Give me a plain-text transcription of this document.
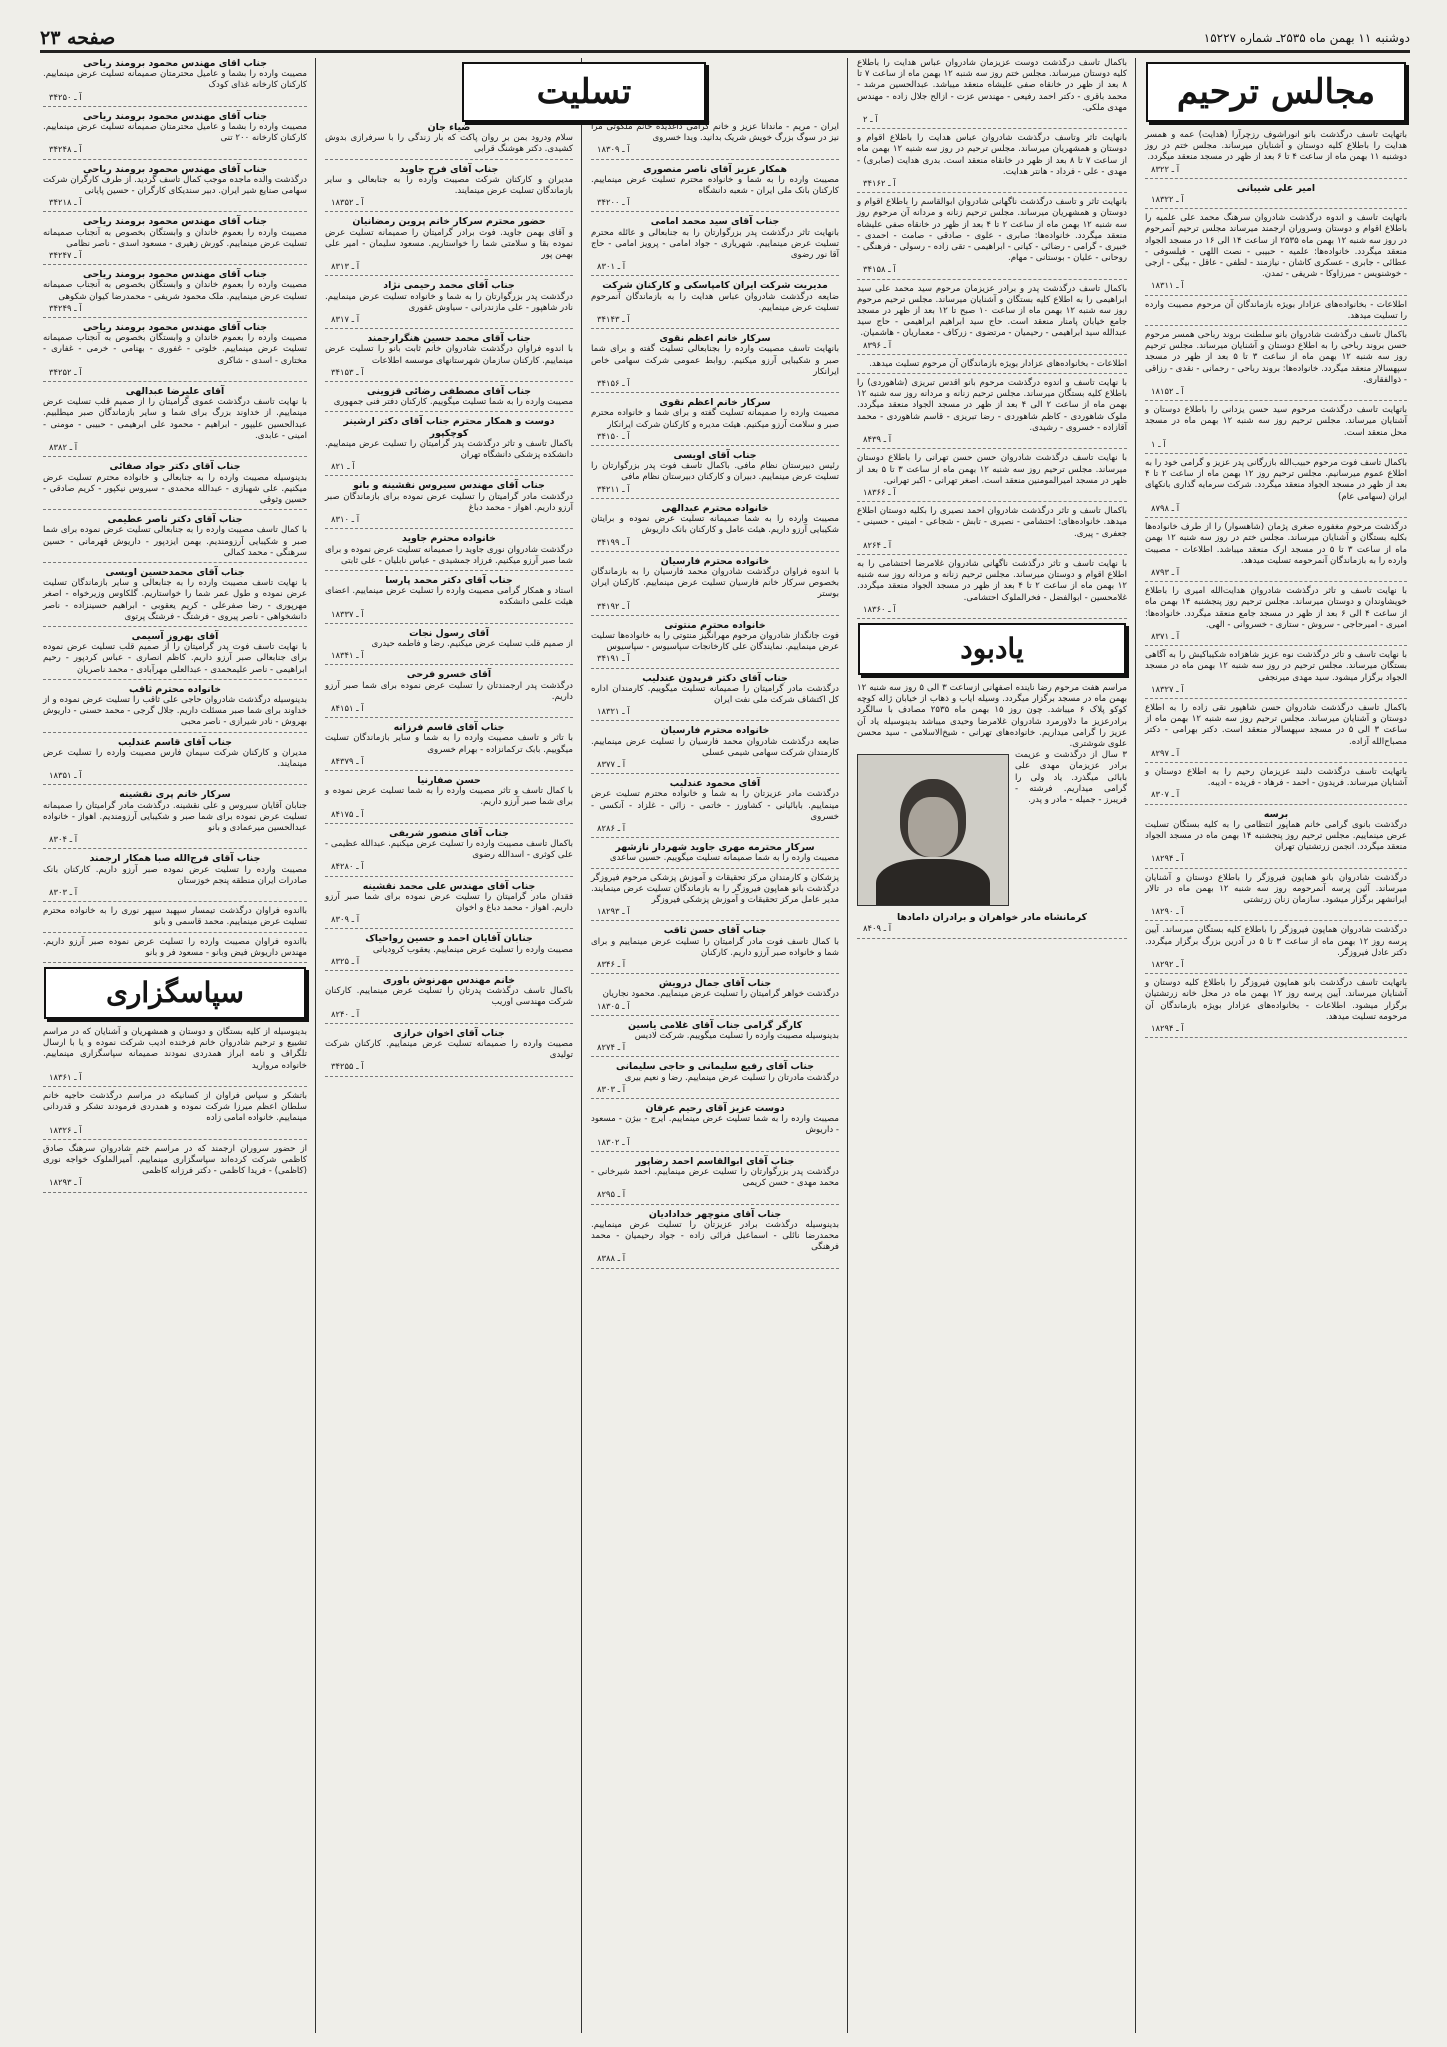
دوشنبه ۱۱ بهمن ماه ۲۵۳۵ـ شماره ۱۵۲۲۷
صفحه ۲۳
مجالس ترحیم
باتهایت تاسف درگذشت بانو انوراشوف رزچرآرا (هدایت) عمه و همسر هدایت را باطلاع کلیه دوستان و آشنایان میرساند. مجلس ختم در روز دوشنبه ۱۱ بهمن ماه از ساعت ۴ تا ۶ بعد از ظهر در مسجد منعقد میگردد.
آ ـ ۸۳۲۲
امیر علی شیبانی
آ ـ ۱۸۳۲۲
باتهایت تاسف و اندوه درگذشت شادروان سرهنگ محمد علی علمیه را باطلاع اقوام و دوستان وسروران ارجمند میرساند مجلس ترحیم آنمرحوم در روز سه شنبه ۱۲ بهمن ماه ۲۵۳۵ از ساعت ۱۴ الی ۱۶ در مسجد الجواد منعقد میگردد. خانواده‌ها: علمیه - حبیبی - نصت اللهی - فیلسوفی - عطائی - جابری - عسکری کاشان - نیازمند - لطفی - عاقل - بیگی - ارجی - خوشنویس - میرزاوکا - شریفی - تمدن.
آ ـ ۱۸۳۱۱
اطلاعات - بخانواده‌های عزادار بویژه بازماندگان آن مرحوم مصیبت وارده را تسلیت میدهد.
باکمال تاسف درگذشت شادروان بانو سلطنت بروند رباحی همسر مرحوم حسن بروند رباحی را به اطلاع دوستان و آشنایان میرساند. مجلس ترحیم روز سه شنبه ۱۲ بهمن ماه از ساعت ۳ تا ۵ بعد از ظهر در مسجد سپهسالار منعقد میگردد. خانواده‌ها: بروند رباحی - رحمانی - نقدی - رزاقی - ذوالفقاری.
آ ـ ۱۸۱۵۲
باتهایت تاسف درگذشت مرحوم سید حسن یزدانی را باطلاع دوستان و آشنایان میرساند. مجلس ترحیم روز سه شنبه ۱۲ بهمن ماه در مسجد محل منعقد است.
آ ـ ۱
باکمال تاسف فوت مرحوم حبیب‌الله بازرگانی پدر عزیز و گرامی خود را به اطلاع عموم میرسانیم. مجلس ترحیم روز ۱۲ بهمن ماه از ساعت ۲ تا ۴ بعد از ظهر در مسجد الجواد منعقد میگردد. شرکت سرمایه گذاری بانکهای ایران (سهامی عام)
آ ـ ۸۷۹۸
درگذشت مرحوم مغفوره صغری پژمان (شاهسوار) را از طرف خانواده‌ها بکلیه بستگان و آشنایان میرساند. مجلس ختم در روز سه شنبه ۱۲ بهمن ماه از ساعت ۳ تا ۵ در مسجد ارک منعقد میباشد. اطلاعات - مصیبت وارده را به بازماندگان آنمرحومه تسلیت میدهد.
آ ـ ۸۷۹۳
با نهایت تاسف و تاثر درگذشت شادروان هدایت‌الله امیری را باطلاع خویشاوندان و دوستان میرساند. مجلس ترحیم روز پنجشنبه ۱۴ بهمن ماه از ساعت ۴ الی ۶ بعد از ظهر در مسجد جامع منعقد میگردد. خانواده‌ها: امیری - امیرحاجی - سروش - ستاری - خسروانی - الهی.
آ ـ ۸۳۷۱
با نهایت تاسف و تاثر درگذشت نوه عزیز شاهزاده شکیباکیش را به آگاهی بستگان میرساند. مجلس ترحیم در روز سه شنبه ۱۲ بهمن ماه در مسجد الجواد برگزار میشود. سید مهدی میرنجفی
آ ـ ۱۸۳۲۷
باکمال تاسف درگذشت شادروان حسن شاهپور نقی زاده را به اطلاع دوستان و آشنایان میرساند. مجلس ترحیم روز سه شنبه ۱۲ بهمن ماه از ساعت ۳ الی ۵ در مسجد سپهسالار منعقد است. دکتر بهرامی - دکتر مصباح‌الله آزاده.
آ ـ ۸۲۹۷
باتهایت تاسف درگذشت دلبند عزیزمان رحیم را به اطلاع دوستان و آشنایان میرساند. فریدون - احمد - فرهاد - فریده - ادیبه.
آ ـ ۸۳۰۷
برسه
درگذشت بانوی گرامی خانم هماپور انتظامی را به کلیه بستگان تسلیت عرض مینماییم. مجلس ترحیم روز پنجشنبه ۱۴ بهمن ماه در مسجد الجواد منعقد میگردد. انجمن زرتشتیان تهران
آ ـ ۱۸۲۹۴
درگذشت شادروان بانو هماپون فیروزگر را باطلاع دوستان و آشنایان میرساند. آئین پرسه آنمرحومه روز سه شنبه ۱۲ بهمن ماه در تالار ایرانشهر برگزار میشود. سازمان زنان زرتشتی
آ ـ ۱۸۲۹۰
درگذشت شادروان هماپون فیروزگر را باطلاع کلیه بستگان میرساند. آیین پرسه روز ۱۲ بهمن ماه از ساعت ۳ تا ۵ در آدرین بزرگ برگزار میگردد. دکتر عادل فیروزگر.
آ ـ ۱۸۲۹۲
باتهایت تاسف درگذشت بانو هماپون فیروزگر را باطلاع کلیه دوستان و آشنایان میرساند. آیین پرسه روز ۱۲ بهمن ماه در محل خانه زرتشتیان برگزار میشود. اطلاعات - بخانواده‌های عزادار بویژه بازماندگان آن مرحومه تسلیت میدهد.
آ ـ ۱۸۲۹۴
باکمال تاسف درگذشت دوست عزیزمان شادروان عباس هدایت را باطلاع کلیه دوستان میرساند. مجلس ختم روز سه شنبه ۱۲ بهمن ماه از ساعت ۷ تا ۸ بعد از ظهر در خانقاه صفی علیشاه منعقد میباشد. عبدالحسین مرشد - محمد باقری - دکتر احمد رفیعی - مهندس عزت - ازالح جلال زاده - مهندس مهدی ملکی.
آ ـ ۲
بانهایت تاثر وتاسف درگذشت شادروان عباس هدایت را باطلاع اقوام و دوستان و همشهریان میرساند. مجلس ترحیم در روز سه شنبه ۱۲ بهمن ماه از ساعت ۷ تا ۸ بعد از ظهر در خانقاه منعقد است. بدری هدایت (صابری) - مهدی - علی - فرداد - هانتر هدایت.
آ ـ ۳۴۱۶۲
بانهایت تاثر و تاسف درگذشت ناگهانی شادروان ابوالقاسم را باطلاع اقوام و دوستان و همشهریان میرساند. مجلس ترحیم زنانه و مردانه آن مرحوم روز سه شنبه ۱۲ بهمن ماه از ساعت ۲ تا ۴ بعد از ظهر در خانقاه صفی علیشاه منعقد میگردد. خانواده‌ها: صابری - علوی - صادقی - صامت - احمدی - خبیری - گرامی - رضائی - کیانی - ابراهیمی - تقی زاده - رسولی - فرهنگی - روحانی - علیان - بوستانی - مهام.
آ ـ ۳۴۱۵۸
باکمال تاسف درگذشت پدر و برادر عزیزمان مرحوم سید محمد علی سید ابراهیمی را به اطلاع کلیه بستگان و آشنایان میرساند. مجلس ترحیم مرحوم روز سه شنبه ۱۲ بهمن ماه از ساعت ۱۰ صبح تا ۱۲ بعد از ظهر در مسجد جامع خیابان پامنار منعقد است. حاج سید ابراهیم ابراهیمی - حاج سید عبدالله سید ابراهیمی - رحیمیان - مرتضوی - زرکاف - معماریان - هاشمیان.
آ ـ ۸۳۹۶
اطلاعات - بخانواده‌های عزادار بویژه بازماندگان آن مرحوم تسلیت میدهد.
با نهایت تاسف و اندوه درگذشت مرحوم بانو اقدس تبریزی (شاهوردی) را باطلاع کلیه بستگان میرساند. مجلس ترحیم زنانه و مردانه روز سه شنبه ۱۲ بهمن ماه از ساعت ۲ الی ۴ بعد از ظهر در مسجد الجواد منعقد میگردد. ملوک شاهوردی - کاظم شاهوردی - رضا تبریزی - قاسم شاهوردی - محمد آقازاده - خسروی - رشیدی.
آ ـ ۸۴۳۹
با نهایت تاسف درگذشت شادروان حسن حسن تهرانی را باطلاع دوستان میرساند. مجلس ترحیم روز سه شنبه ۱۲ بهمن ماه از ساعت ۳ تا ۵ بعد از ظهر در مسجد امیرالمومنین منعقد است. اصغر تهرانی - اکبر تهرانی.
آ ـ ۱۸۳۶۶
باکمال تاسف و تاثر درگذشت شادروان احمد نصیری را بکلیه دوستان اطلاع میدهد. خانواده‌های: احتشامی - نصیری - تابش - شجاعی - امینی - حسینی - جعفری - پیری.
آ ـ ۸۲۶۴
با نهایت تاسف و تاثر درگذشت ناگهانی شادروان غلامرضا احتشامی را به اطلاع اقوام و دوستان میرساند. مجلس ترحیم زنانه و مردانه روز سه شنبه ۱۲ بهمن ماه از ساعت ۲ تا ۴ بعد از ظهر در مسجد الجواد منعقد میگردد. غلامحسین - ابوالفضل - فخرالملوک احتشامی.
آ ـ ۱۸۳۶۰
یادبود
مراسم هفت مرحوم رضا ناینده اصفهانی ازساعت ۳ الی ۵ روز سه شنبه ۱۲ بهمن ماه در مسجد برگزار میگردد. وسیله ایاب و ذهاب از خیابان ژاله کوچه کوکو پلاک ۶ میباشد. چون روز ۱۵ بهمن ماه ۲۵۳۵ مصادف با سالگرد برادرعزیز ما دلاورمرد شادروان غلامرضا وحیدی میباشد بدینوسیله یاد آن عزیز را گرامی میداریم. خانواده‌های تهرانی - شیخ‌الاسلامی - سید محسن علوی شوشتری.
۳ سال از درگذشت و عزیمت برادر عزیزمان مهدی علی بابائی میگذرد. یاد ولی را گرامی میداریم. فرشته - فریبرز - جمیله - مادر و پدر.
کرمانشاه مادر خواهران و برادران دامادها
آ ـ ۸۴۰۹
ایران - مریم - ماندانا عزیز و خانم گرامی داغدیده خانم ملکوتی مرا نیز در سوگ بزرگ خویش شریک بدانید. ویدا خسروی
آ ـ ۱۸۳۰۹
همکار عزیز آقای ناصر منصوری
مصیبت وارده را به شما و خانواده محترم تسلیت عرض مینماییم. کارکنان بانک ملی ایران - شعبه دانشگاه
آ ـ ۳۴۲۰۰
جناب آقای سید محمد امامی
بانهایت تاثر درگذشت پدر بزرگوارتان را به جنابعالی و عائله محترم تسلیت عرض مینماییم. شهریاری - جواد امامی - پرویز امامی - حاج آقا نور رضوی
آ ـ ۸۳۰۱
مدیریت شرکت ایران کامپاسکی و کارکنان شرکت
ضایعه درگذشت شادروان عباس هدایت را به بازماندگان آنمرحوم تسلیت عرض مینماییم.
آ ـ ۳۴۱۴۳
سرکار خانم اعظم نقوی
بانهایت تاسف مصیبت وارده را بجنابعالی تسلیت گفته و برای شما صبر و شکیبایی آرزو میکنیم. روابط عمومی شرکت سهامی خاص ایرانکار
آ ـ ۳۴۱۵۶
سرکار خانم اعظم نقوی
مصیبت وارده را صمیمانه تسلیت گفته و برای شما و خانواده محترم صبر و سلامت آرزو میکنیم. هیئت مدیره و کارکنان شرکت ایرانکار
آ ـ ۳۴۱۵۰
جناب آقای اویسی
رئیس دبیرستان نظام مافی. باکمال تاسف فوت پدر بزرگوارتان را تسلیت عرض مینماییم. دبیران و کارکنان دبیرستان نظام مافی
آ ـ ۳۴۲۱۱
خانواده محترم عبدالهی
مصیبت وارده را به شما صمیمانه تسلیت عرض نموده و برایتان شکیبایی آرزو داریم. هیئت عامل و کارکنان بانک داریوش
آ ـ ۳۴۱۹۹
خانواده محترم فارسیان
با اندوه فراوان درگذشت شادروان محمد فارسیان را به بازماندگان بخصوص سرکار خانم فارسیان تسلیت عرض مینماییم. کارکنان ایران بوستر
آ ـ ۳۴۱۹۲
خانواده محترم منتوتی
فوت جانگداز شادروان مرحوم مهرانگیز منتوتی را به خانواده‌ها تسلیت عرض مینماییم. نمایندگان علی کارخانجات سپاسیوس - سپاسیوس
آ ـ ۳۴۱۹۱
جناب آقای دکتر فریدون عندلیب
درگذشت مادر گرامیتان را صمیمانه تسلیت میگوییم. کارمندان اداره کل اکتشاف شرکت ملی نفت ایران
آ ـ ۱۸۳۲۱
خانواده محترم فارسیان
ضایعه درگذشت شادروان محمد فارسیان را تسلیت عرض مینماییم. کارمندان شرکت سهامی شیمی عسلی
آ ـ ۸۳۷۷
آقای محمود عندلیب
درگذشت مادر عزیزتان را به شما و خانواده محترم تسلیت عرض مینماییم. بابائیانی - کشاورز - خاتمی - زائی - غلزاد - آنکسی - خسروی
آ ـ ۸۲۸۶
سرکار محترمه مهری جاوید شهردار نازشهر
مصیبت وارده را به شما صمیمانه تسلیت میگوییم. حسین ساعدی
پزشکان و کارمندان مرکز تحقیقات و آموزش پزشکی مرحوم فیروزگر درگذشت بانو هماپون فیروزگر را به بازماندگان تسلیت عرض مینمایند. مدیر عامل مرکز تحقیقات و آموزش پزشکی فیروزگر
آ ـ ۱۸۲۹۳
جناب آقای حسن ثاقب
با کمال تاسف فوت مادر گرامیتان را تسلیت عرض مینماییم و برای شما و خانواده صبر آرزو داریم. کارکنان
آ ـ ۸۳۴۶
جناب آقای جمال درویش
درگذشت خواهر گرامیتان را تسلیت عرض مینماییم. محمود نجاریان
آ ـ ۱۸۳۰۵
کارگر گرامی جناب آقای غلامی یاسین
بدینوسیله مصیبت وارده را تسلیت میگوییم. شرکت لادیس
آ ـ ۸۲۷۴
جناب آقای رفیع سلیمانی و حاجی سلیمانی
درگذشت مادرتان را تسلیت عرض مینماییم. رضا و نعیم بیری
آ ـ ۸۳۰۳
دوست عزیز آقای رحیم عرفان
مصیبت وارده را به شما تسلیت عرض مینماییم. ایرج - بیژن - مسعود - داریوش
آ ـ ۱۸۳۰۲
جناب آقای ابوالقاسم احمد رضاپور
درگذشت پدر بزرگوارتان را تسلیت عرض مینماییم. احمد شیرخانی - محمد مهدی - حسن کریمی
آ ـ ۸۲۹۵
جناب آقای منوچهر خداداديان
بدینوسیله درگذشت برادر عزیزتان را تسلیت عرض مینماییم. محمدرضا نائلی - اسماعیل فرائی زاده - جواد رحیمیان - محمد فرهنگی
آ ـ ۸۳۸۸
ضیاء جان
سلام ودرود بمن بر روان پاکت که بار زندگی را با سرفرازی بدوش کشیدی. دکتر هوشنگ قرابی
جناب آقای فرج جاوید
مدیران و کارکنان شرکت مصیبت وارده را به جنابعالی و سایر بازماندگان تسلیت عرض مینمایند.
آ ـ ۱۸۳۵۲
حضور محترم سرکار خانم پروین رمضانیان
و آقای بهمن جاوید. فوت برادر گرامیتان را صمیمانه تسلیت عرض نموده بقا و سلامتی شما را خواستاریم. مسعود سلیمان - امیر علی بهمن پور
آ ـ ۸۳۱۳
جناب آقای محمد رحیمی نژاد
درگذشت پدر بزرگوارتان را به شما و خانواده تسلیت عرض مینماییم. نادر شاهپور - علی مازندرانی - سیاوش غفوری
آ ـ ۸۳۱۷
جناب آقای محمد حسین هنگرارجمند
با اندوه فراوان درگذشت شادروان خانم ثابت بانو را تسلیت عرض مینماییم. کارکنان سازمان شهرستانهای موسسه اطلاعات
آ ـ ۳۴۱۵۳
جناب آقای مصطفی رضائی قزوینی
مصیبت وارده را به شما تسلیت میگوییم. کارکنان دفتر فنی جمهوری
دوست و همکار محترم جناب آقای دکتر ارشینر کوچکپور
باکمال تاسف و تاثر درگذشت پدر گرامیتان را تسلیت عرض مینماییم. دانشکده پزشکی دانشگاه تهران
آ ـ ۸۲۱
جناب آقای مهندس سیروس نقشینه و بانو
درگذشت مادر گرامیتان را تسلیت عرض نموده برای بازماندگان صبر آرزو داریم. اهواز - محمد دباغ
آ ـ ۸۳۱۰
خانواده محترم جاوید
درگذشت شادروان نوری جاوید را صمیمانه تسلیت عرض نموده و برای شما صبر آرزو میکنیم. فرزاد جمشیدی - عباس نابلیان - علی ثابتی
جناب آقای دکتر محمد پارسا
استاد و همکار گرامی مصیبت وارده را تسلیت عرض مینماییم. اعضای هیئت علمی دانشکده
آ ـ ۱۸۳۳۷
آقای رسول نجات
از صمیم قلب تسلیت عرض میکنیم. رضا و فاطمه حیدری
آ ـ ۱۸۳۴۱
آقای خسرو فرحی
درگذشت پدر ارجمندتان را تسلیت عرض نموده برای شما صبر آرزو داریم.
آ ـ ۸۴۱۵۱
جناب آقای قاسم فرزانه
با تاثر و تاسف مصیبت وارده را به شما و سایر بازماندگان تسلیت میگوییم. بابک ترکمانزاده - بهرام خسروی
آ ـ ۸۴۳۷۹
حسن صفارنیا
با کمال تاسف و تاثر مصیبت وارده را به شما تسلیت عرض نموده و برای شما صبر آرزو داریم.
آ ـ ۸۴۱۷۵
جناب آقای منصور شریفی
باکمال تاسف مصیبت وارده را تسلیت عرض میکنیم. عبدالله عظیمی - علی کوثری - اسدالله رضوی
آ ـ ۸۴۲۸۰
جناب آقای مهندس علی محمد نقشینه
فقدان مادر گرامیتان را تسلیت عرض نموده برای شما صبر آرزو داریم. اهواز - محمد دباغ و اخوان
آ ـ ۸۳۰۹
جنابان آقایان احمد و حسین رواحیاک
مصیبت وارده را تسلیت عرض مینماییم. یعقوب کرودیانی
آ ـ ۸۳۲۵
خانم مهندس مهرنوش باوری
باکمال تاسف درگذشت پدرتان را تسلیت عرض مینماییم. کارکنان شرکت مهندسی اوریب
آ ـ ۸۲۴۰
جناب آقای اخوان خرازی
مصیبت وارده را صمیمانه تسلیت عرض مینماییم. کارکنان شرکت تولیدی
آ ـ ۳۴۲۵۵
تسلیت
جناب آقای مهندس محمود برومند ریاحی
مصیبت وارده را بشما و عامیل محترمتان صمیمانه تسلیت عرض مینماییم. کارکنان کارخانه غذای کودک
آ ـ ۳۴۲۵۰
جناب آقای مهندس محمود برومند ریاحی
مصیبت وارده را بشما و عامیل محترمتان صمیمانه تسلیت عرض مینماییم. کارکنان کارخانه ۲۰۰ تنی
آ ـ ۳۴۲۴۸
جناب آقای مهندس محمود برومند ریاحی
درگذشت والده ماجده موجب کمال تاسف گردید. از طرف کارگران شرکت سهامی صنایع شیر ایران. دبیر سندیکای کارگران - حسین پایانی
آ ـ ۳۴۲۱۸
جناب آقای مهندس محمود برومند ریاحی
مصیبت وارده را بعموم خاندان و وابستگان بخصوص به آنجناب صمیمانه تسلیت عرض مینماییم. کورش زهیری - مسعود اسدی - ناصر نظامی
آ ـ ۳۴۲۴۷
جناب آقای مهندس محمود برومند ریاحی
مصیبت وارده را بعموم خاندان و وابستگان بخصوص به آنجناب صمیمانه تسلیت عرض مینماییم. ملک محمود شریفی - محمدرضا کیوان شکوهی
آ ـ ۳۴۲۴۹
جناب آقای مهندس محمود برومند ریاحی
مصیبت وارده را بعموم خاندان و وابستگان بخصوص به آنجناب صمیمانه تسلیت عرض مینماییم. خلوتی - غفوری - بهنامی - خرمی - غفاری - مختاری - اسدی - شاکری
آ ـ ۳۴۲۵۲
آقای علیرضا عبدالهی
با نهایت تاسف درگذشت عموی گرامیتان را از صمیم قلب تسلیت عرض مینماییم. از خداوند بزرگ برای شما و سایر بازماندگان صبر میطلبیم. عبدالحسین علیپور - ابراهیم - محمود علی ابرهیمی - حبیبی - مومنی - امینی - عابدی.
آ ـ ۸۳۸۲
جناب آقای دکتر جواد صفائی
بدینوسیله مصیبت وارده را به جنابعالی و خانواده محترم تسلیت عرض میکنیم. علی شهبازی - عبدالله محمدی - سیروس نیکپور - کریم صادقی - حسین وثوقی
جناب آقای دکتر ناصر عطیمی
با کمال تاسف مصیبت وارده را به جنابعالی تسلیت عرض نموده برای شما صبر و شکیبایی آرزومندیم. بهمن ایزدپور - داریوش قهرمانی - حسین سرهنگی - محمد کمالی
جناب آقای محمدحسین اویسی
با نهایت تاسف مصیبت وارده را به جنابعالی و سایر بازماندگان تسلیت عرض نموده و طول عمر شما را خواستاریم. گلکاوس وزیرخواه - اصغر مهرپوری - رضا صفرعلی - کریم یعقوبی - ابراهیم حسینزاده - ناصر دانشخواهی - ناصر پیروی - فرشتگ - فرشتگ پرتوی
آقای بهروز آسیمی
با نهایت تاسف فوت پدر گرامیتان را از صمیم قلب تسلیت عرض نموده برای جنابعالی صبر آرزو داریم. کاظم انصاری - عباس کردپور - رحیم ابراهیمی - ناصر علیمحمدی - عبدالعلی مهرآبادی - محمد ناصریان
خانواده محترم ثاقب
بدینوسیله درگذشت شادروان حاجی علی ثاقب را تسلیت عرض نموده و از خداوند برای شما صبر مسئلت داریم. جلال گرجی - محمد حسنی - داریوش بهروش - نادر شیرازی - ناصر محبی
جناب آقای قاسم عندلیب
مدیران و کارکنان شرکت سیمان فارس مصیبت وارده را تسلیت عرض مینمایند.
آ ـ ۱۸۳۵۱
سرکار خانم پری نقشینه
جنابان آقایان سیروس و علی نقشینه. درگذشت مادر گرامیتان را صمیمانه تسلیت عرض نموده برای شما صبر و شکیبایی آرزومندیم. اهواز - خانواده عبدالحسین میرعمادی و بانو
آ ـ ۸۳۰۴
جناب آقای فرج‌الله صبا همکار ارجمند
مصیبت وارده را تسلیت عرض نموده صبر آرزو داریم. کارکنان بانک صادرات ایران منطقه پنجم خوزستان
آ ـ ۸۳۰۳
بااندوه فراوان درگذشت تیمسار سپهبد سپهر نوری را به خانواده محترم تسلیت عرض مینماییم. محمد قاسمی و بانو
بااندوه فراوان مصیبت وارده را تسلیت عرض نموده صبر آرزو داریم. مهندس داریوش فیض وبانو - مسعود فر و بانو
سپاسگزاری
بدینوسیله از کلیه بستگان و دوستان و همشهریان و آشنایان که در مراسم تشییع و ترحیم شادروان خانم فرخنده ادیب شرکت نموده و یا با ارسال تلگراف و نامه ابراز همدردی نمودند صمیمانه سپاسگزاری مینماییم. خانواده مروارید
آ ـ ۱۸۳۶۱
باتشکر و سپاس فراوان از کسانیکه در مراسم درگذشت حاجیه خانم سلطان اعظم میرزا شرکت نموده و همدردی فرمودند تشکر و قدردانی مینماییم. خانواده امامی زاده
آ ـ ۱۸۳۲۶
از حضور سروران ارجمند که در مراسم ختم شادروان سرهنگ صادق کاظمی شرکت کرده‌اند سپاسگزاری مینماییم. آمیرالملوک خواجه نوری (کاظمی) - فریدا کاظمی - دکتر فرزانه کاظمی
آ ـ ۱۸۲۹۳
